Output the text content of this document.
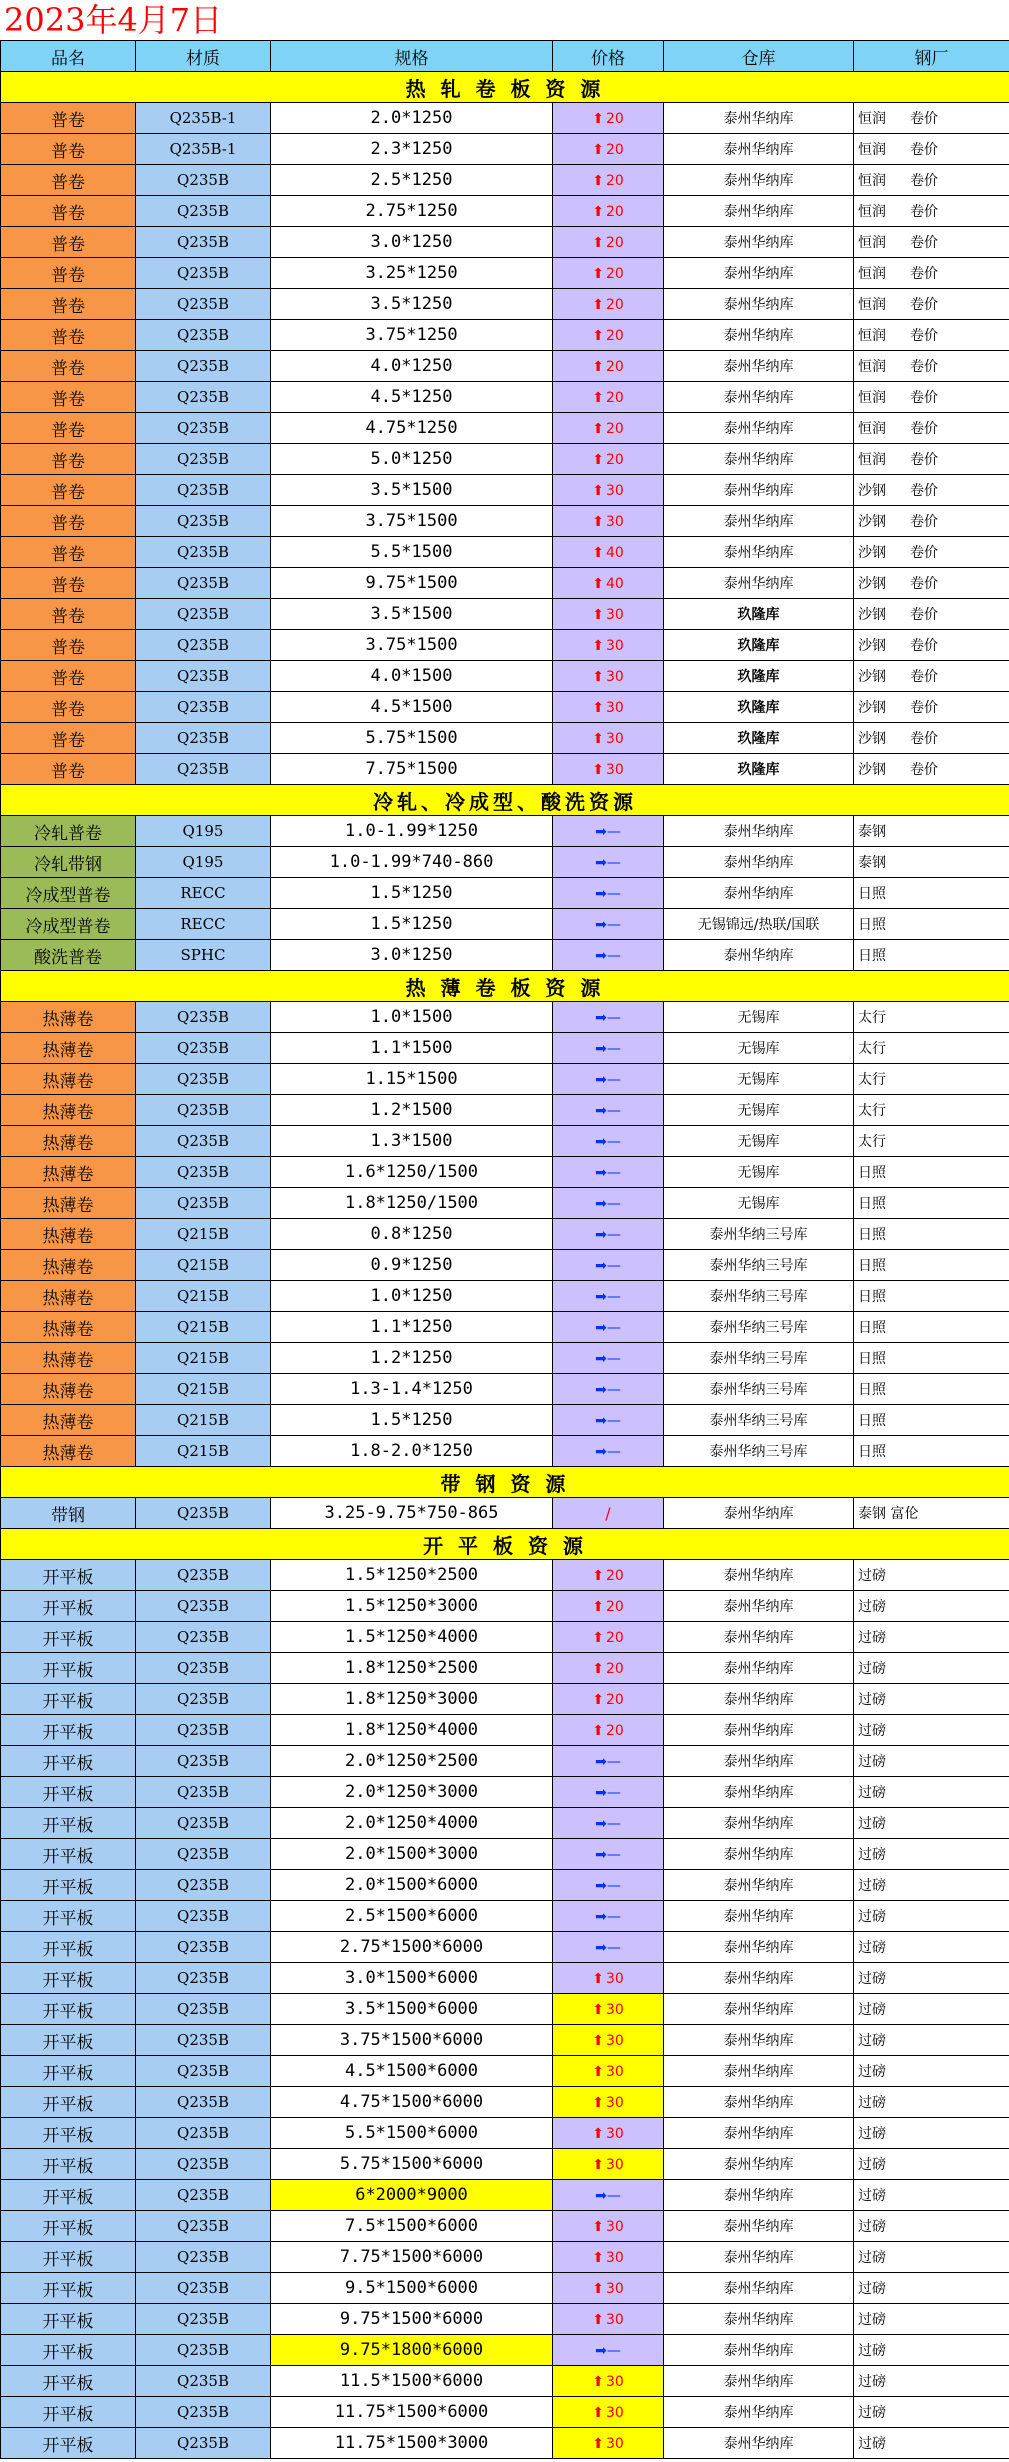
2023年4月7日
品名	材质	规格	价格	仓库	钢厂
热 轧 卷 板 资 源					
普卷	Q235B-1	2.0*1250	⬆ 20	泰州华纳库	恒润 卷价
普卷	Q235B-1	2.3*1250	⬆ 20	泰州华纳库	恒润 卷价
普卷	Q235B	2.5*1250	⬆ 20	泰州华纳库	恒润 卷价
普卷	Q235B	2.75*1250	⬆ 20	泰州华纳库	恒润 卷价
普卷	Q235B	3.0*1250	⬆ 20	泰州华纳库	恒润 卷价
普卷	Q235B	3.25*1250	⬆ 20	泰州华纳库	恒润 卷价
普卷	Q235B	3.5*1250	⬆ 20	泰州华纳库	恒润 卷价
普卷	Q235B	3.75*1250	⬆ 20	泰州华纳库	恒润 卷价
普卷	Q235B	4.0*1250	⬆ 20	泰州华纳库	恒润 卷价
普卷	Q235B	4.5*1250	⬆ 20	泰州华纳库	恒润 卷价
普卷	Q235B	4.75*1250	⬆ 20	泰州华纳库	恒润 卷价
普卷	Q235B	5.0*1250	⬆ 20	泰州华纳库	恒润 卷价
普卷	Q235B	3.5*1500	⬆ 30	泰州华纳库	沙钢 卷价
普卷	Q235B	3.75*1500	⬆ 30	泰州华纳库	沙钢 卷价
普卷	Q235B	5.5*1500	⬆ 40	泰州华纳库	沙钢 卷价
普卷	Q235B	9.75*1500	⬆ 40	泰州华纳库	沙钢 卷价
普卷	Q235B	3.5*1500	⬆ 30	玖隆库	沙钢 卷价
普卷	Q235B	3.75*1500	⬆ 30	玖隆库	沙钢 卷价
普卷	Q235B	4.0*1500	⬆ 30	玖隆库	沙钢 卷价
普卷	Q235B	4.5*1500	⬆ 30	玖隆库	沙钢 卷价
普卷	Q235B	5.75*1500	⬆ 30	玖隆库	沙钢 卷价
普卷	Q235B	7.75*1500	⬆ 30	玖隆库	沙钢 卷价
冷轧、冷成型、酸洗资源					
冷轧普卷	Q195	1.0-1.99*1250	➡—	泰州华纳库	泰钢
冷轧带钢	Q195	1.0-1.99*740-860	➡—	泰州华纳库	泰钢
冷成型普卷	RECC	1.5*1250	➡—	泰州华纳库	日照
冷成型普卷	RECC	1.5*1250	➡—	无锡锦远/热联/国联	日照
酸洗普卷	SPHC	3.0*1250	➡—	泰州华纳库	日照
热 薄 卷 板 资 源					
热薄卷	Q235B	1.0*1500	➡—	无锡库	太行
热薄卷	Q235B	1.1*1500	➡—	无锡库	太行
热薄卷	Q235B	1.15*1500	➡—	无锡库	太行
热薄卷	Q235B	1.2*1500	➡—	无锡库	太行
热薄卷	Q235B	1.3*1500	➡—	无锡库	太行
热薄卷	Q235B	1.6*1250/1500	➡—	无锡库	日照
热薄卷	Q235B	1.8*1250/1500	➡—	无锡库	日照
热薄卷	Q215B	0.8*1250	➡—	泰州华纳三号库	日照
热薄卷	Q215B	0.9*1250	➡—	泰州华纳三号库	日照
热薄卷	Q215B	1.0*1250	➡—	泰州华纳三号库	日照
热薄卷	Q215B	1.1*1250	➡—	泰州华纳三号库	日照
热薄卷	Q215B	1.2*1250	➡—	泰州华纳三号库	日照
热薄卷	Q215B	1.3-1.4*1250	➡—	泰州华纳三号库	日照
热薄卷	Q215B	1.5*1250	➡—	泰州华纳三号库	日照
热薄卷	Q215B	1.8-2.0*1250	➡—	泰州华纳三号库	日照
带 钢 资 源					
带钢	Q235B	3.25-9.75*750-865	/	泰州华纳库	泰钢 富伦
开 平 板 资 源					
开平板	Q235B	1.5*1250*2500	⬆ 20	泰州华纳库	过磅
开平板	Q235B	1.5*1250*3000	⬆ 20	泰州华纳库	过磅
开平板	Q235B	1.5*1250*4000	⬆ 20	泰州华纳库	过磅
开平板	Q235B	1.8*1250*2500	⬆ 20	泰州华纳库	过磅
开平板	Q235B	1.8*1250*3000	⬆ 20	泰州华纳库	过磅
开平板	Q235B	1.8*1250*4000	⬆ 20	泰州华纳库	过磅
开平板	Q235B	2.0*1250*2500	➡—	泰州华纳库	过磅
开平板	Q235B	2.0*1250*3000	➡—	泰州华纳库	过磅
开平板	Q235B	2.0*1250*4000	➡—	泰州华纳库	过磅
开平板	Q235B	2.0*1500*3000	➡—	泰州华纳库	过磅
开平板	Q235B	2.0*1500*6000	➡—	泰州华纳库	过磅
开平板	Q235B	2.5*1500*6000	➡—	泰州华纳库	过磅
开平板	Q235B	2.75*1500*6000	➡—	泰州华纳库	过磅
开平板	Q235B	3.0*1500*6000	⬆ 30	泰州华纳库	过磅
开平板	Q235B	3.5*1500*6000	⬆ 30	泰州华纳库	过磅
开平板	Q235B	3.75*1500*6000	⬆ 30	泰州华纳库	过磅
开平板	Q235B	4.5*1500*6000	⬆ 30	泰州华纳库	过磅
开平板	Q235B	4.75*1500*6000	⬆ 30	泰州华纳库	过磅
开平板	Q235B	5.5*1500*6000	⬆ 30	泰州华纳库	过磅
开平板	Q235B	5.75*1500*6000	⬆ 30	泰州华纳库	过磅
开平板	Q235B	6*2000*9000	➡—	泰州华纳库	过磅
开平板	Q235B	7.5*1500*6000	⬆ 30	泰州华纳库	过磅
开平板	Q235B	7.75*1500*6000	⬆ 30	泰州华纳库	过磅
开平板	Q235B	9.5*1500*6000	⬆ 30	泰州华纳库	过磅
开平板	Q235B	9.75*1500*6000	⬆ 30	泰州华纳库	过磅
开平板	Q235B	9.75*1800*6000	➡—	泰州华纳库	过磅
开平板	Q235B	11.5*1500*6000	⬆ 30	泰州华纳库	过磅
开平板	Q235B	11.75*1500*6000	⬆ 30	泰州华纳库	过磅
开平板	Q235B	11.75*1500*3000	⬆ 30	泰州华纳库	过磅
